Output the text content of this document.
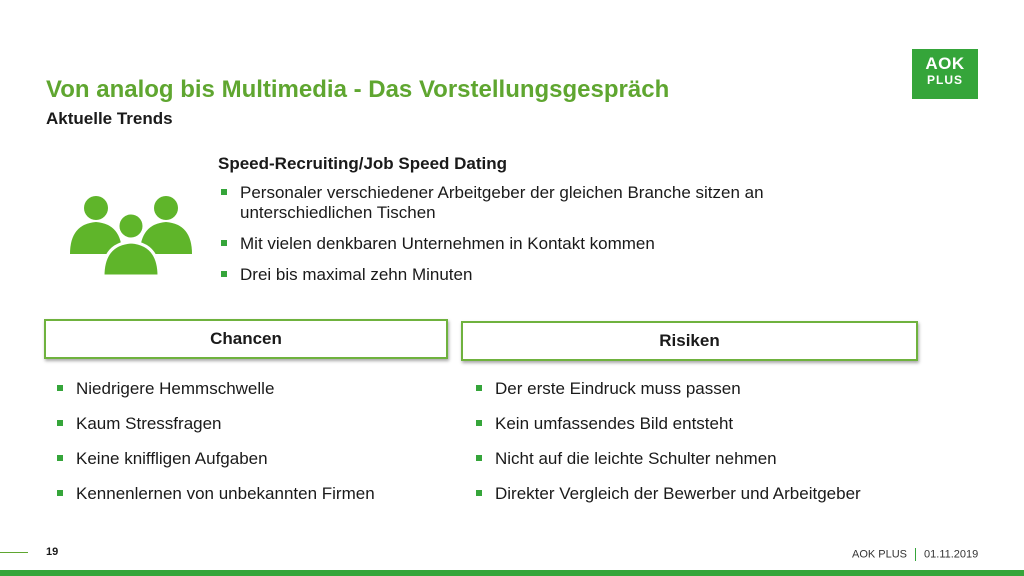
Von analog bis Multimedia - Das Vorstellungsgespräch

Aktuelle Trends

AOK
PLUS
Speed-Recruiting/Job Speed Dating
Personaler verschiedener Arbeitgeber der gleichen Branche sitzen an unterschiedlichen Tischen
Mit vielen denkbaren Unternehmen in Kontakt kommen
Drei bis maximal zehn Minuten
Chancen	Risiken
Niedrigere Hemmschwelle
Kaum Stressfragen
Keine kniffligen Aufgaben
Kennenlernen von unbekannten Firmen
Der erste Eindruck muss passen
Kein umfassendes Bild entsteht
Nicht auf die leichte Schulter nehmen
Direkter Vergleich der Bewerber und Arbeitgeber
19	AOK PLUS 01.11.2019
